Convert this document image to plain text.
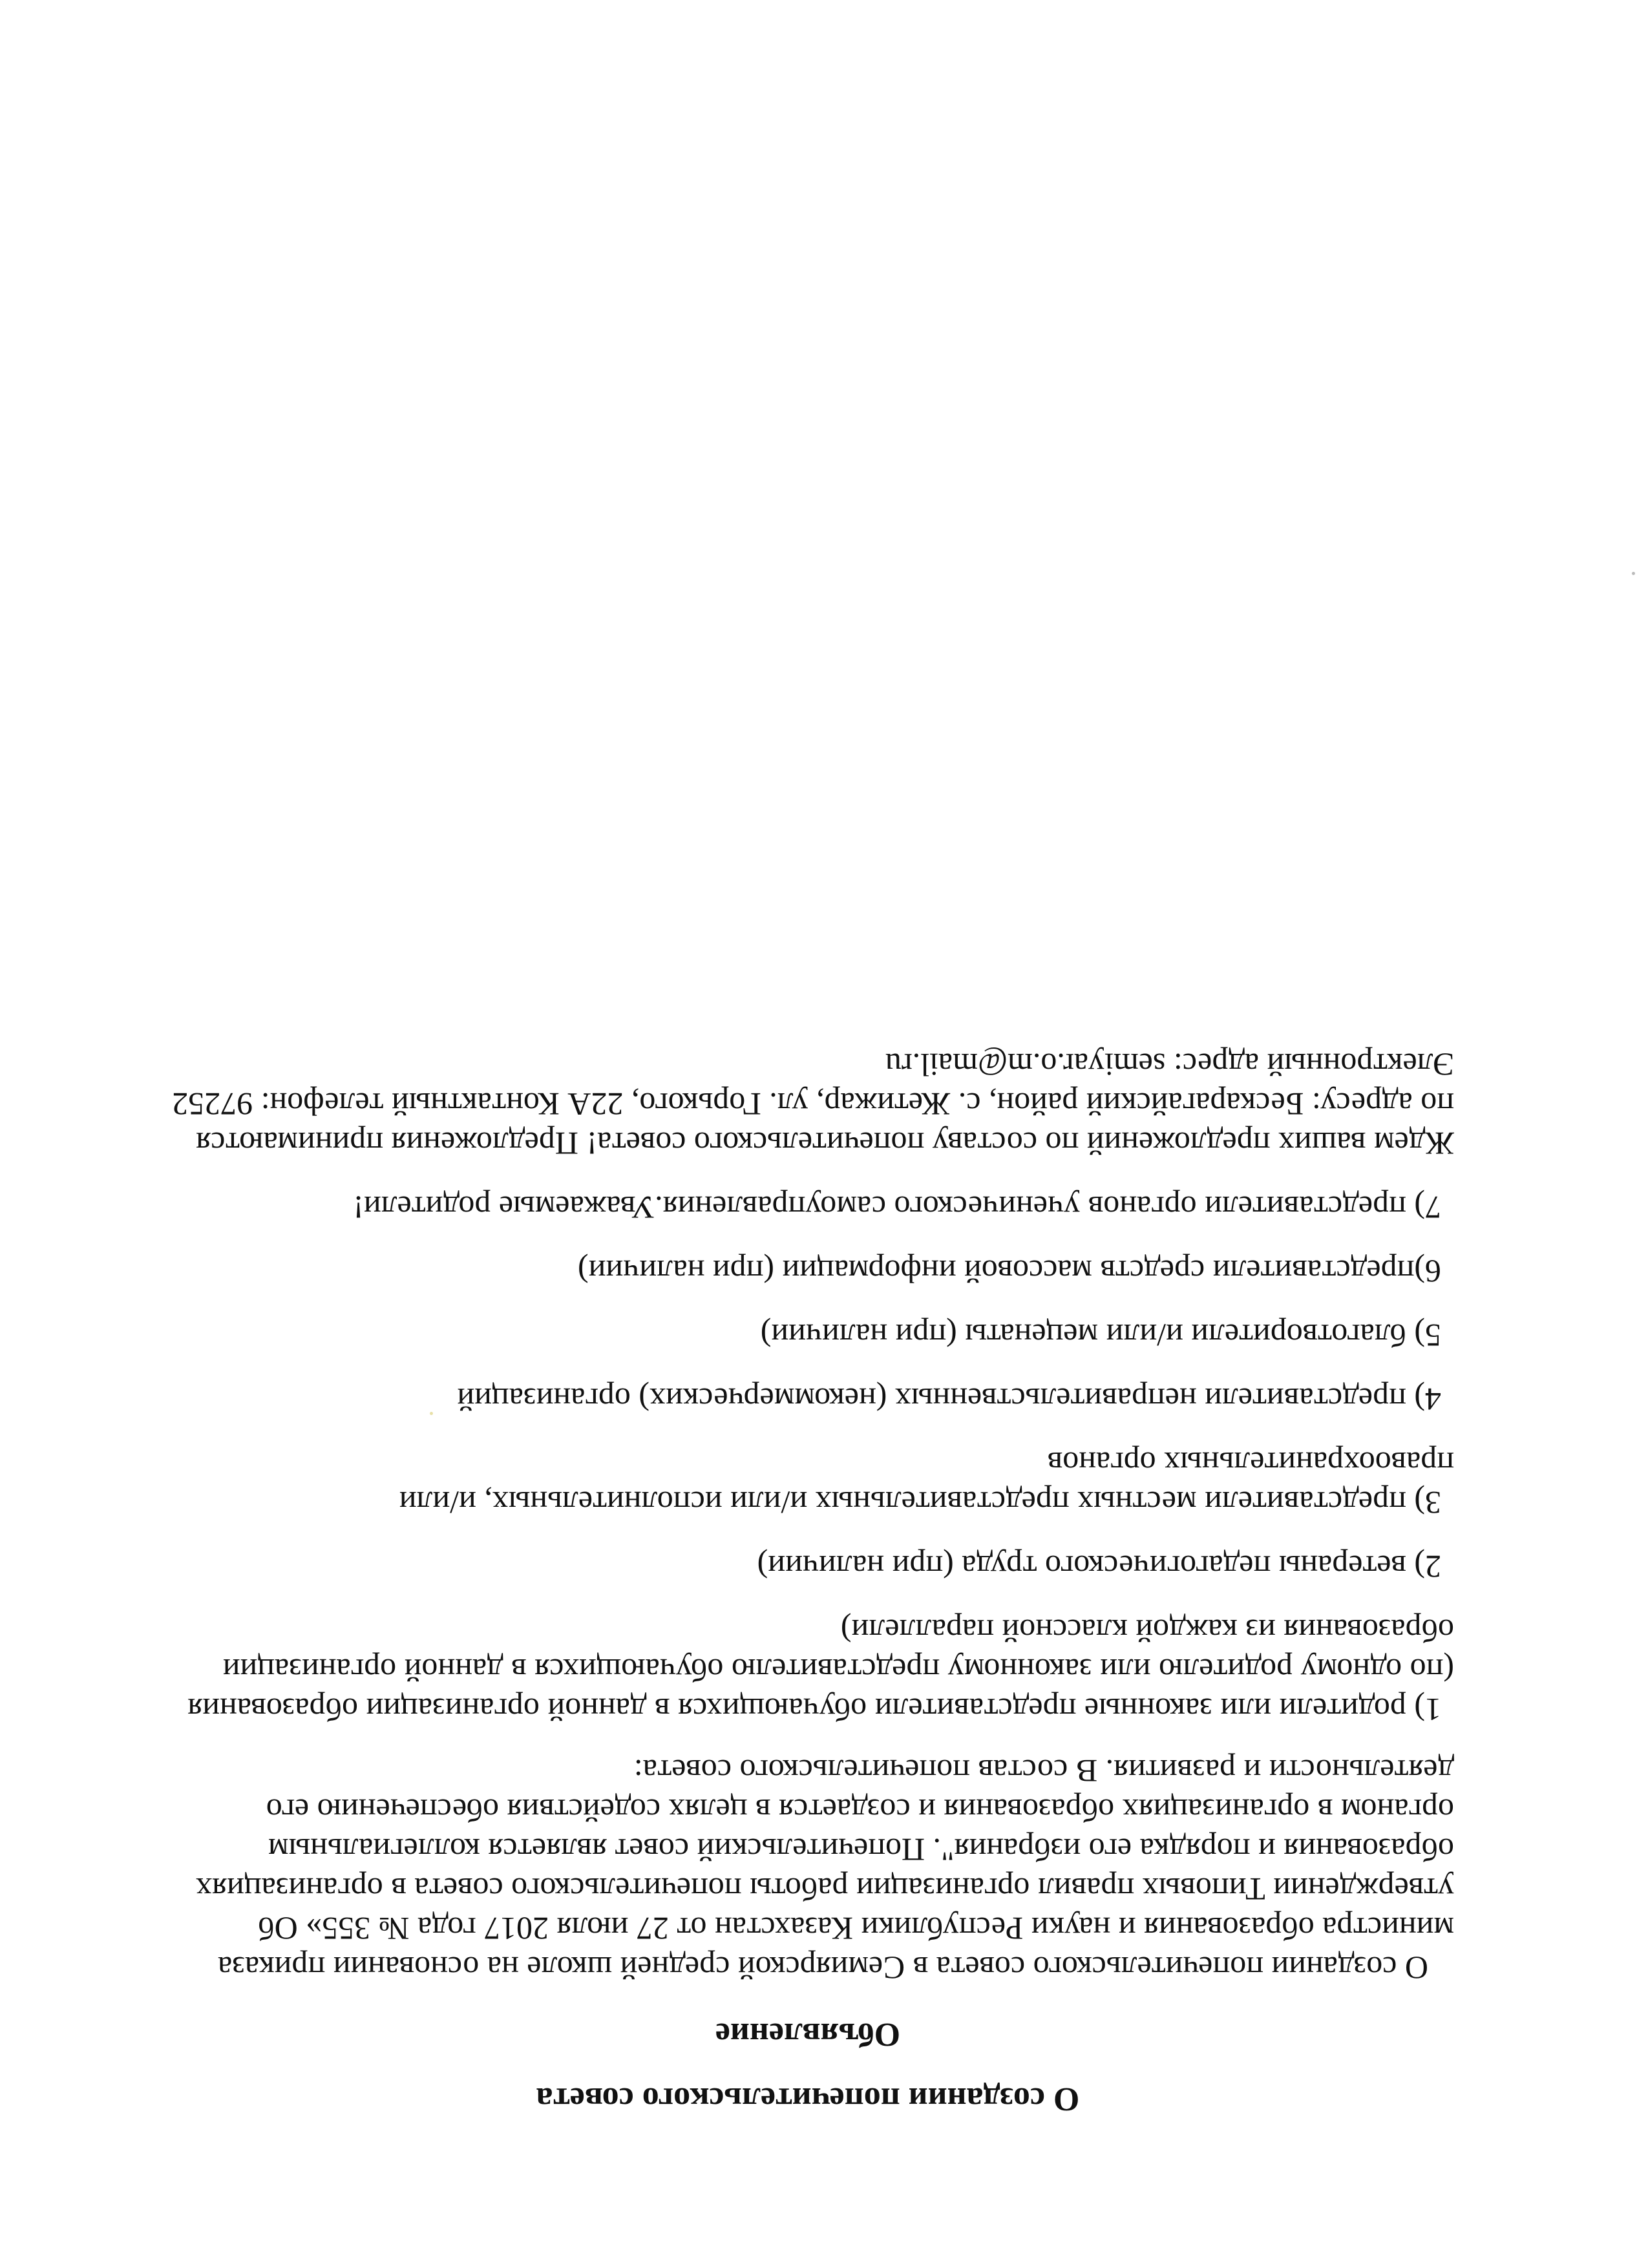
О создании попечительского совета
Объявление

О создании попечительского совета в Семиярской средней школе на основании приказа министра образования и науки Республики Казахстан от 27 июля 2017 года № 355» Об утверждении Типовых правил организации работы попечительского совета в организациях образования и порядка его избрания". Попечительский совет является коллегиальным органом в организациях образования и создается в целях содействия обеспечению его деятельности и развития. В состав попечительского совета:

1) родители или законные представители обучающихся в данной организации образования (по одному родителю или законному представителю обучающихся в данной организации образования из каждой классной параллели)
2) ветераны педагогического труда (при наличии)
3) представители местных представительных и/или исполнительных, и/или правоохранительных органов
4) представители неправительственных (некоммерческих) организаций
5) благотворители и/или меценаты (при наличии)
6)представители средств массовой информации (при наличии)
7) представители органов ученического самоуправления.Уважаемые родители!

Ждем ваших предложений по составу попечительского совета! Предложения принимаются по адресу: Бескарагайский район, с. Жетижар, ул. Горького, 22А Контактный телефон: 97252 Электронный адрес: semiyar.o.m@mail.ru
